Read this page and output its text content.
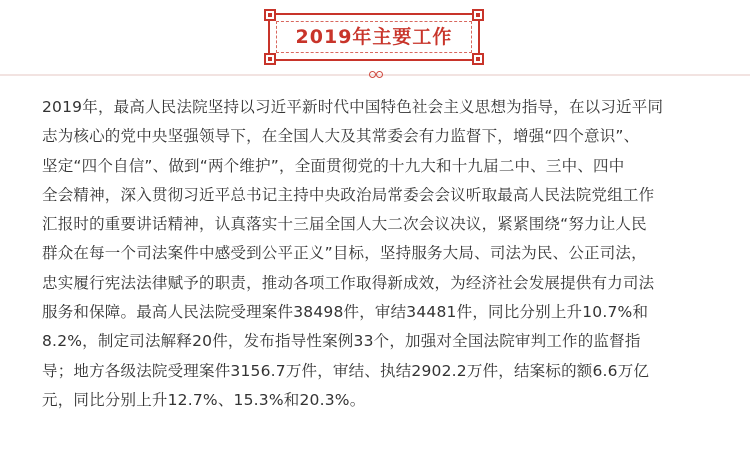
2019年主要工作

2019年，最高人民法院坚持以习近平新时代中国特色社会主义思想为指导，在以习近平同
志为核心的党中央坚强领导下，在全国人大及其常委会有力监督下，增强“四个意识”、
坚定“四个自信”、做到“两个维护”，全面贯彻党的十九大和十九届二中、三中、四中
全会精神，深入贯彻习近平总书记主持中央政治局常委会会议听取最高人民法院党组工作
汇报时的重要讲话精神，认真落实十三届全国人大二次会议决议，紧紧围绕“努力让人民
群众在每一个司法案件中感受到公平正义”目标，坚持服务大局、司法为民、公正司法，
忠实履行宪法法律赋予的职责，推动各项工作取得新成效，为经济社会发展提供有力司法
服务和保障。最高人民法院受理案件38498件，审结34481件，同比分别上升10.7%和
8.2%，制定司法解释20件，发布指导性案例33个，加强对全国法院审判工作的监督指
导；地方各级法院受理案件3156.7万件，审结、执结2902.2万件，结案标的额6.6万亿
元，同比分别上升12.7%、15.3%和20.3%。
